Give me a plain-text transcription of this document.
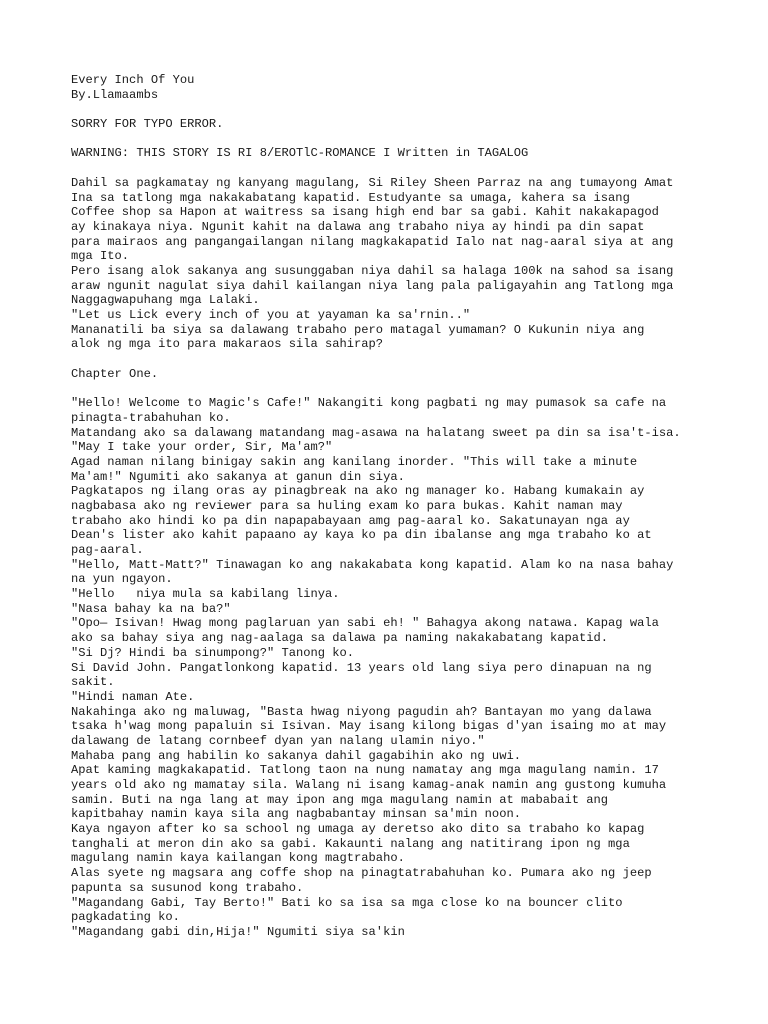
Every Inch Of You
By.Llamaambs
SORRY FOR TYPO ERROR.
WARNING: THIS STORY IS RI 8/EROTlC-ROMANCE I Written in TAGALOG
Dahil sa pagkamatay ng kanyang magulang, Si Riley Sheen Parraz na ang tumayong Amat
Ina sa tatlong mga nakakabatang kapatid. Estudyante sa umaga, kahera sa isang
Coffee shop sa Hapon at waitress sa isang high end bar sa gabi. Kahit nakakapagod
ay kinakaya niya. Ngunit kahit na dalawa ang trabaho niya ay hindi pa din sapat
para mairaos ang pangangailangan nilang magkakapatid Ialo nat nag-aaral siya at ang
mga Ito.
Pero isang alok sakanya ang susunggaban niya dahil sa halaga 100k na sahod sa isang
araw ngunit nagulat siya dahil kailangan niya lang pala paligayahin ang Tatlong mga
Naggagwapuhang mga Lalaki.
"Let us Lick every inch of you at yayaman ka sa'rnin.."
Mananatili ba siya sa dalawang trabaho pero matagal yumaman? O Kukunin niya ang
alok ng mga ito para makaraos sila sahirap?
Chapter One.
"Hello! Welcome to Magic's Cafe!" Nakangiti kong pagbati ng may pumasok sa cafe na
pinagta-trabahuhan ko.
Matandang ako sa dalawang matandang mag-asawa na halatang sweet pa din sa isa't-isa.
"May I take your order, Sir, Ma'am?"
Agad naman nilang binigay sakin ang kanilang inorder. "This will take a minute
Ma'am!" Ngumiti ako sakanya at ganun din siya.
Pagkatapos ng ilang oras ay pinagbreak na ako ng manager ko. Habang kumakain ay
nagbabasa ako ng reviewer para sa huling exam ko para bukas. Kahit naman may
trabaho ako hindi ko pa din napapabayaan amg pag-aaral ko. Sakatunayan nga ay
Dean's lister ako kahit papaano ay kaya ko pa din ibalanse ang mga trabaho ko at
pag-aaral.
"Hello, Matt-Matt?" Tinawagan ko ang nakakabata kong kapatid. Alam ko na nasa bahay
na yun ngayon.
"Hello   niya mula sa kabilang linya.
"Nasa bahay ka na ba?"
"Opo— Isivan! Hwag mong paglaruan yan sabi eh! " Bahagya akong natawa. Kapag wala
ako sa bahay siya ang nag-aalaga sa dalawa pa naming nakakabatang kapatid.
"Si Dj? Hindi ba sinumpong?" Tanong ko.
Si David John. Pangatlonkong kapatid. 13 years old lang siya pero dinapuan na ng
sakit.
"Hindi naman Ate.
Nakahinga ako ng maluwag, "Basta hwag niyong pagudin ah? Bantayan mo yang dalawa
tsaka h'wag mong papaluin si Isivan. May isang kilong bigas d'yan isaing mo at may
dalawang de latang cornbeef dyan yan nalang ulamin niyo."
Mahaba pang ang habilin ko sakanya dahil gagabihin ako ng uwi.
Apat kaming magkakapatid. Tatlong taon na nung namatay ang mga magulang namin. 17
years old ako ng mamatay sila. Walang ni isang kamag-anak namin ang gustong kumuha
samin. Buti na nga lang at may ipon ang mga magulang namin at mababait ang
kapitbahay namin kaya sila ang nagbabantay minsan sa'min noon.
Kaya ngayon after ko sa school ng umaga ay deretso ako dito sa trabaho ko kapag
tanghali at meron din ako sa gabi. Kakaunti nalang ang natitirang ipon ng mga
magulang namin kaya kailangan kong magtrabaho.
Alas syete ng magsara ang coffe shop na pinagtatrabahuhan ko. Pumara ako ng jeep
papunta sa susunod kong trabaho.
"Magandang Gabi, Tay Berto!" Bati ko sa isa sa mga close ko na bouncer clito
pagkadating ko.
"Magandang gabi din,Hija!" Ngumiti siya sa'kin
